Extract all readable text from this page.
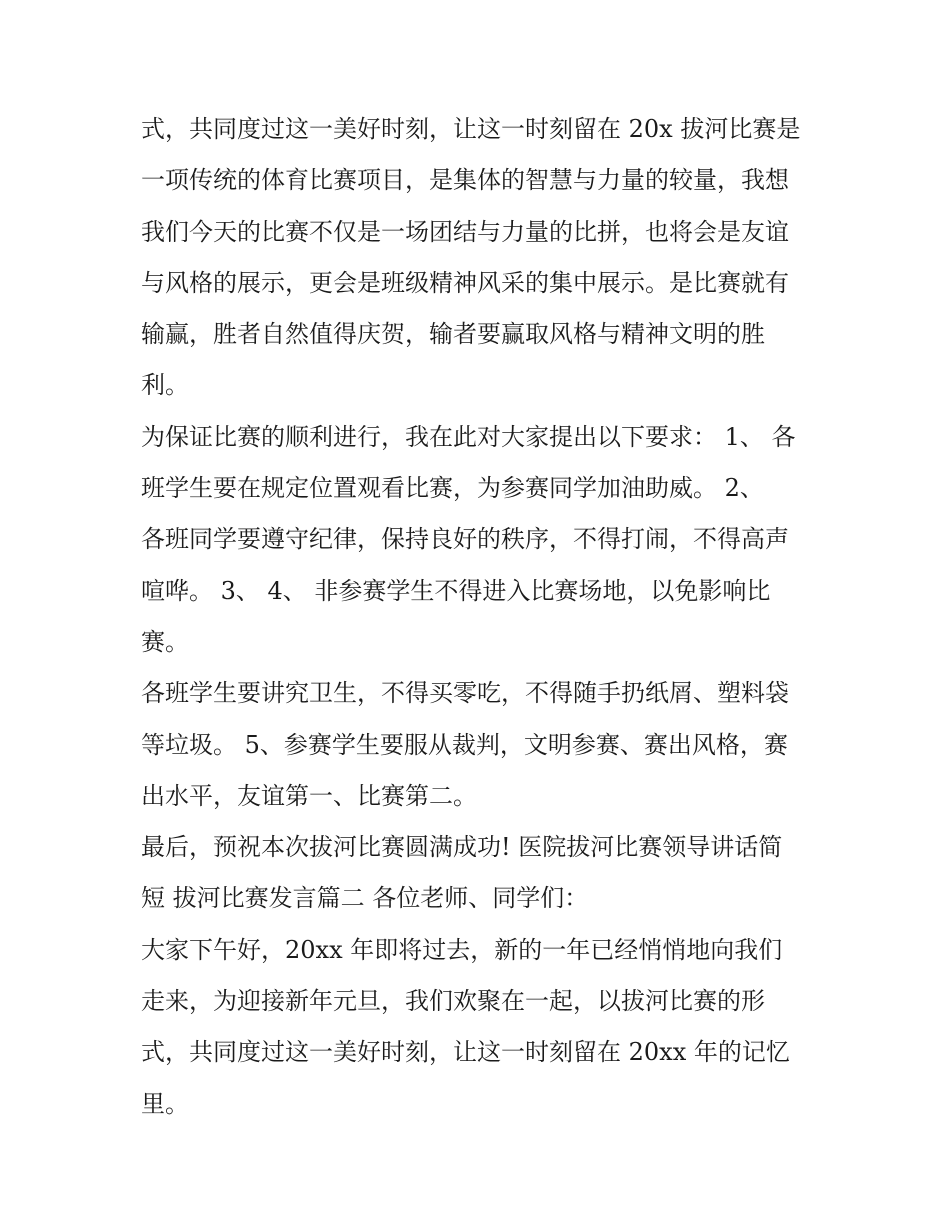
式，共同度过这一美好时刻，让这一时刻留在 20x 拔河比赛是
一项传统的体育比赛项目，是集体的智慧与力量的较量，我想
我们今天的比赛不仅是一场团结与力量的比拼，也将会是友谊
与风格的展示，更会是班级精神风采的集中展示。是比赛就有
输赢，胜者自然值得庆贺，输者要赢取风格与精神文明的胜
利。
为保证比赛的顺利进行，我在此对大家提出以下要求： 1、 各
班学生要在规定位置观看比赛，为参赛同学加油助威。 2、
各班同学要遵守纪律，保持良好的秩序，不得打闹，不得高声
喧哗。 3、 4、 非参赛学生不得进入比赛场地，以免影响比
赛。
各班学生要讲究卫生，不得买零吃，不得随手扔纸屑、塑料袋
等垃圾。 5、参赛学生要服从裁判，文明参赛、赛出风格，赛
出水平，友谊第一、比赛第二。
最后，预祝本次拔河比赛圆满成功! 医院拔河比赛领导讲话简
短 拔河比赛发言篇二 各位老师、同学们：
大家下午好，20xx 年即将过去，新的一年已经悄悄地向我们
走来，为迎接新年元旦，我们欢聚在一起，以拔河比赛的形
式，共同度过这一美好时刻，让这一时刻留在 20xx 年的记忆
里。
